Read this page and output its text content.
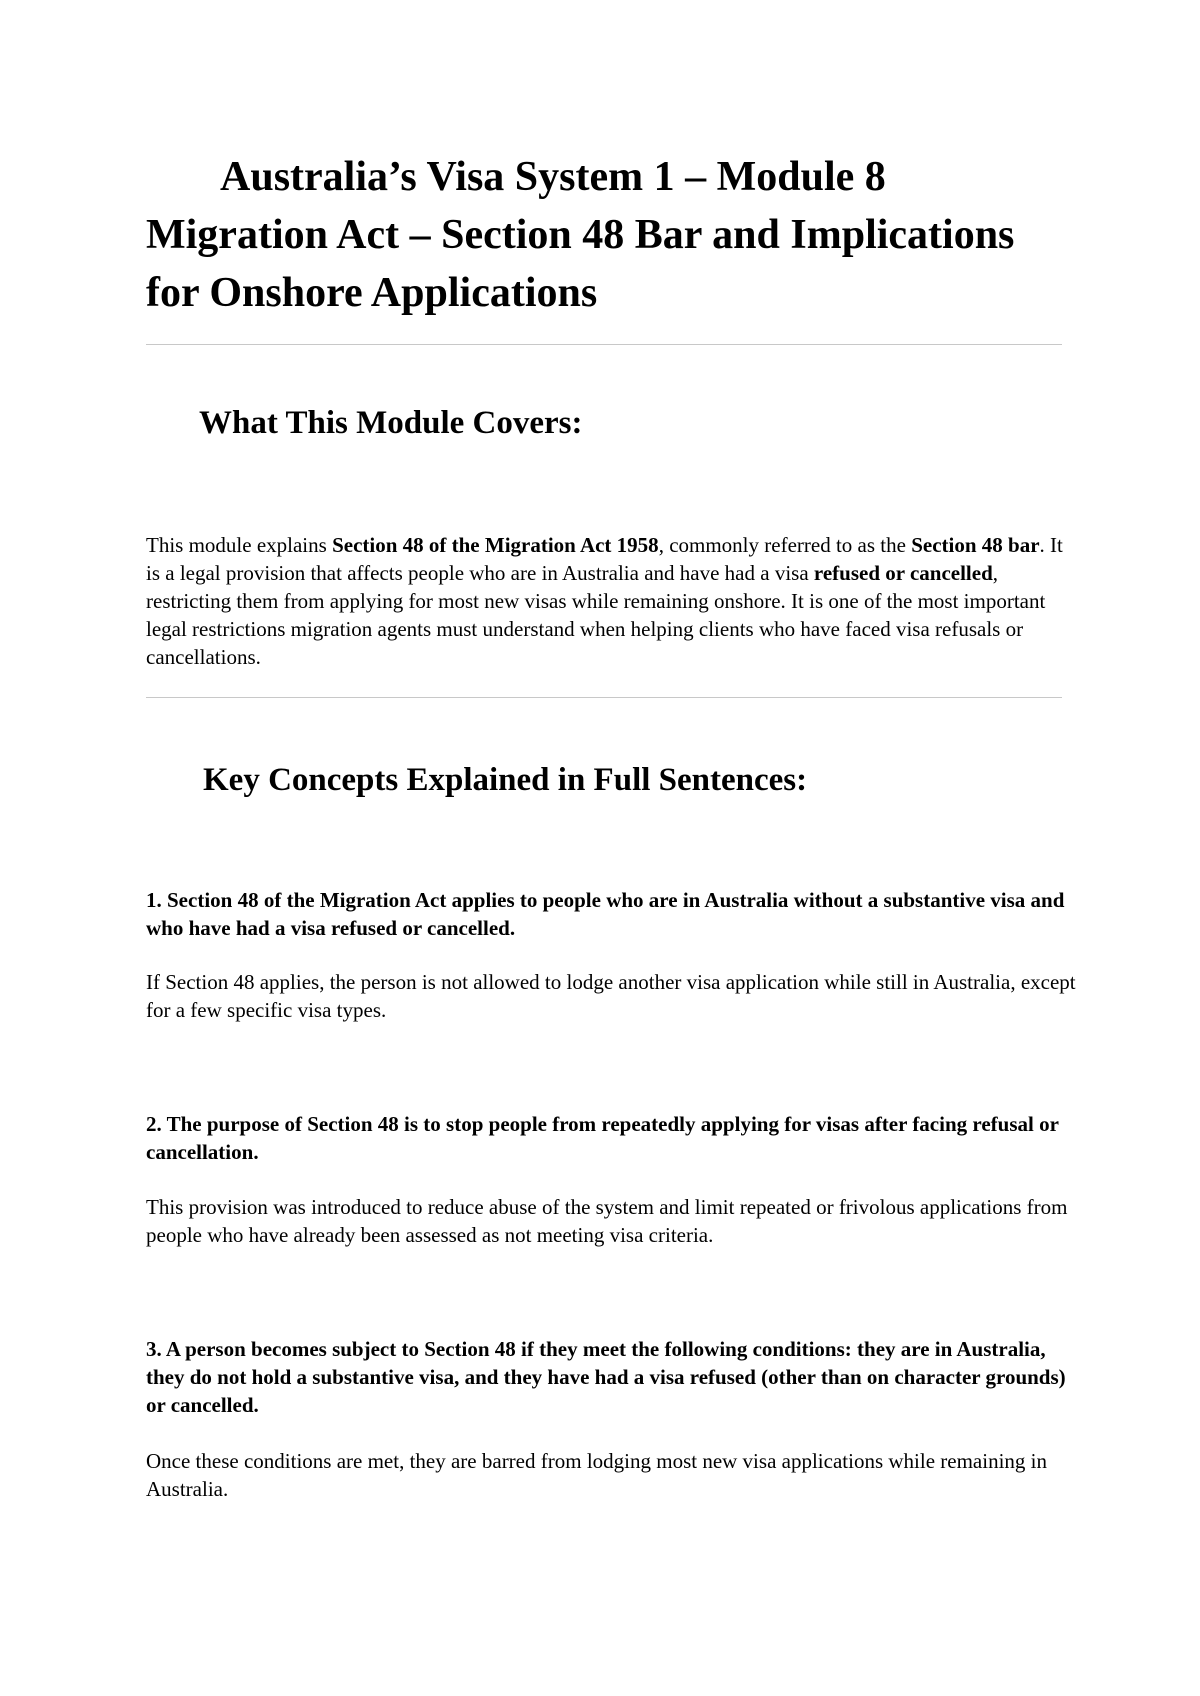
Australia’s Visa System 1 – Module 8 Migration Act – Section 48 Bar and Implications for Onshore Applications
What This Module Covers:

This module explains Section 48 of the Migration Act 1958, commonly referred to as the Section 48 bar. It is a legal provision that affects people who are in Australia and have had a visa refused or cancelled, restricting them from applying for most new visas while remaining onshore. It is one of the most important legal restrictions migration agents must understand when helping clients who have faced visa refusals or cancellations.

Key Concepts Explained in Full Sentences:

1. Section 48 of the Migration Act applies to people who are in Australia without a substantive visa and who have had a visa refused or cancelled.

If Section 48 applies, the person is not allowed to lodge another visa application while still in Australia, except for a few specific visa types.

2. The purpose of Section 48 is to stop people from repeatedly applying for visas after facing refusal or cancellation.

This provision was introduced to reduce abuse of the system and limit repeated or frivolous applications from people who have already been assessed as not meeting visa criteria.

3. A person becomes subject to Section 48 if they meet the following conditions: they are in Australia, they do not hold a substantive visa, and they have had a visa refused (other than on character grounds) or cancelled.

Once these conditions are met, they are barred from lodging most new visa applications while remaining in Australia.
